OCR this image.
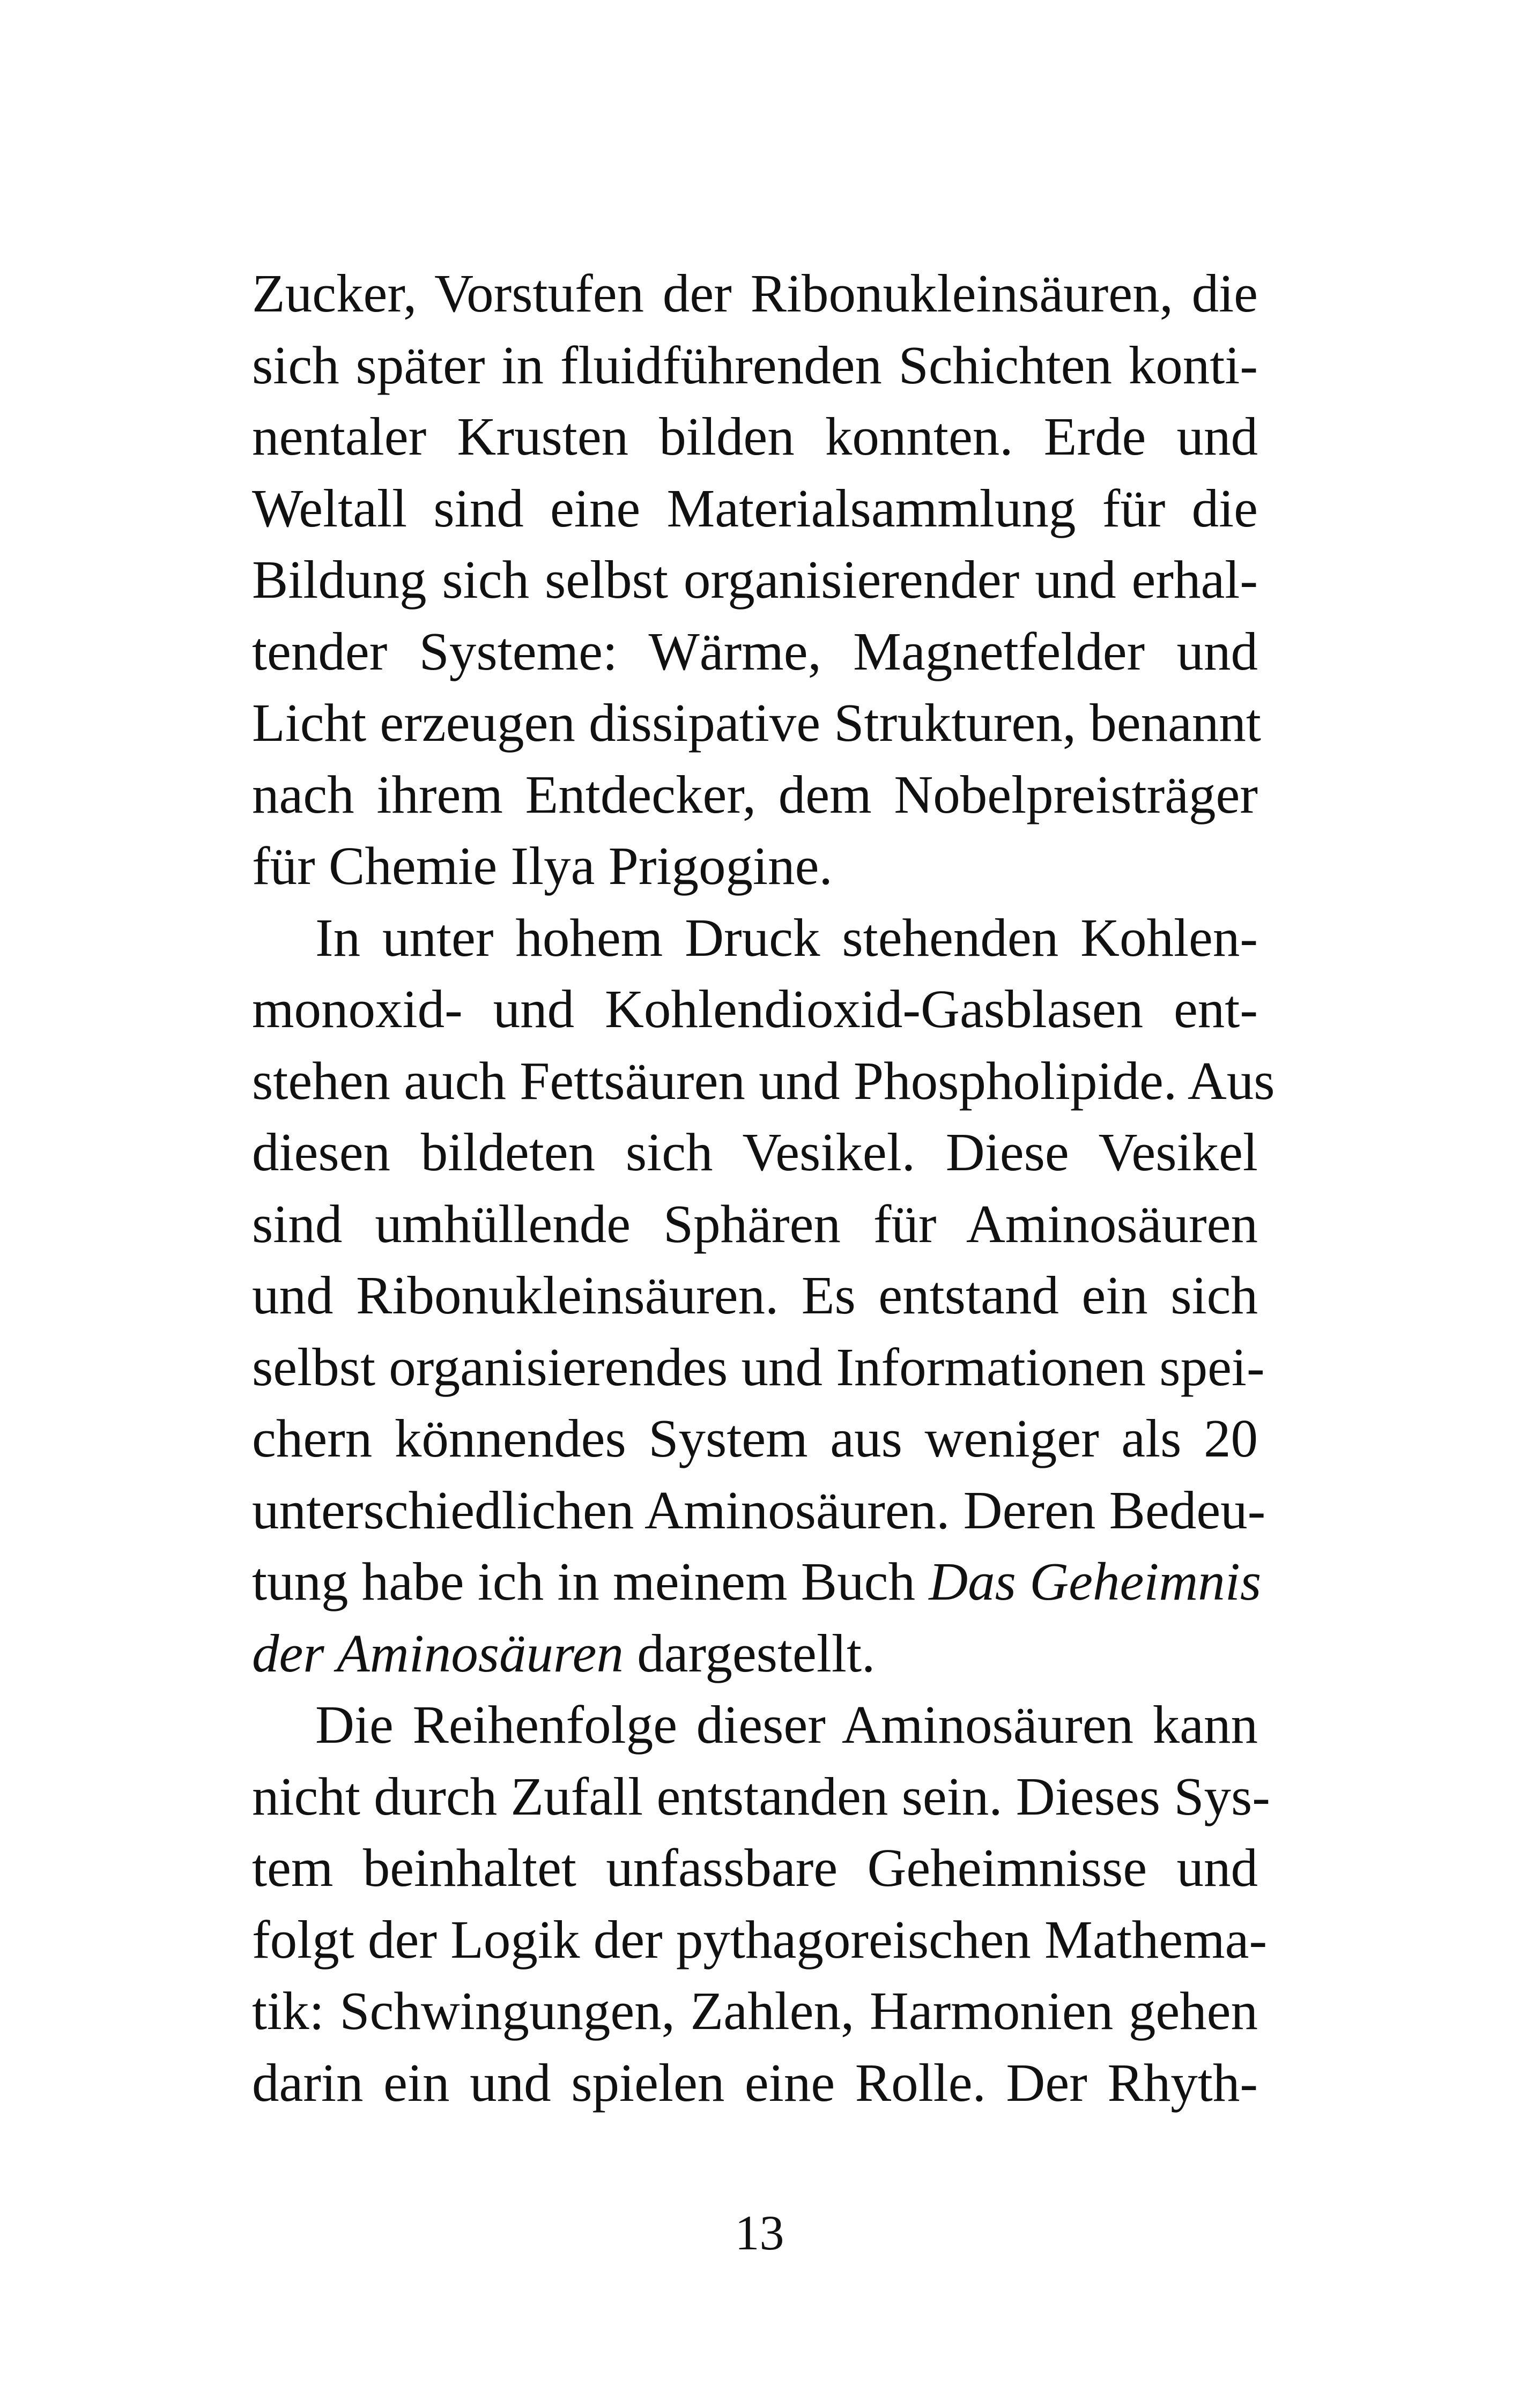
Zucker, Vorstufen der Ribonukleinsäuren, die
sich später in fluidführenden Schichten konti-
nentaler Krusten bilden konnten. Erde und
Weltall sind eine Materialsammlung für die
Bildung sich selbst organisierender und erhal-
tender Systeme: Wärme, Magnetfelder und
Licht erzeugen dissipative Strukturen, benannt
nach ihrem Entdecker, dem Nobelpreisträger
für Chemie Ilya Prigogine.
In unter hohem Druck stehenden Kohlen-
monoxid- und Kohlendioxid-Gasblasen ent-
stehen auch Fettsäuren und Phospholipide. Aus
diesen bildeten sich Vesikel. Diese Vesikel
sind umhüllende Sphären für Aminosäuren
und Ribonukleinsäuren. Es entstand ein sich
selbst organisierendes und Informationen spei-
chern könnendes System aus weniger als 20
unterschiedlichen Aminosäuren. Deren Bedeu-
tung habe ich in meinem Buch Das Geheimnis
der Aminosäuren dargestellt.
Die Reihenfolge dieser Aminosäuren kann
nicht durch Zufall entstanden sein. Dieses Sys-
tem beinhaltet unfassbare Geheimnisse und
folgt der Logik der pythagoreischen Mathema-
tik: Schwingungen, Zahlen, Harmonien gehen
darin ein und spielen eine Rolle. Der Rhyth-
13
